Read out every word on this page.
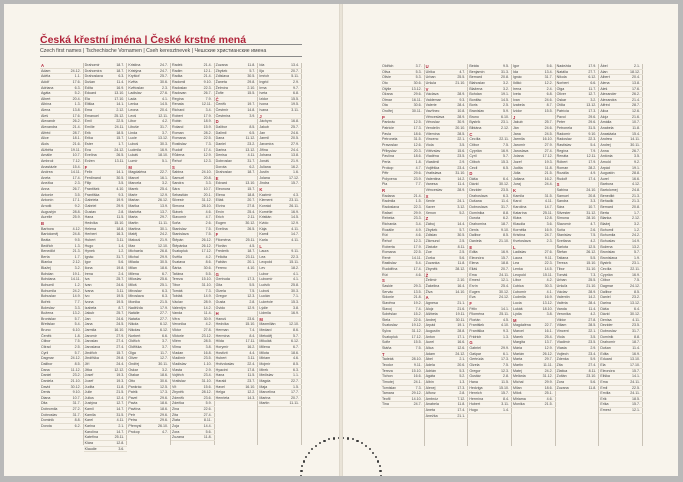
Česká křestní jména | České krstné mená
Czech first names | Tschechische Vornamen | Cseh keresztnevek | Чешские христианские имена
A
Adam	24.12.
Adéla	1.1.
Adolf	17.6.
Adriana	6.3.
Agáta	5.2.
Albert	20.4.
Albína	1.3.
Alena	13.8.
Aleš	17.6.
Alexandr	26.2.
Alexandra	21.4.
Alfréd	28.7.
Alice	18.1.
Alois	21.6.
Alžběta	19.11.
Amálie	10.7.
Ambrož	7.12.
Anastázie	15.4.
Andrea	14.11.
Aneta	17.4.
Anežka	2.3.
Anna	26.7.
Antonie	3.5.
Antonín	17.1.
Arnošt	9.2.
Augustýn	28.8.
Aurelie	25.9.
B
Barbora	4.12.
Bartoloměj	24.8.
Beáta	9.5.
Bedřich	1.3.
Benedikt	21.3.
Berta	1.7.
Blanka	2.12.
Blažej	3.2.
Bohdan	19.1.
Bohdana	14.11.
Bohumil	1.2.
Bohumila	24.2.
Bohuslav	14.9.
Bořek	7.7.
Boleslav	3.3.
Božena	13.2.
Bronislav	5.7.
Břetislav	5.4.
Bruno	6.10.
Čeněk	1.8.
Ctibor	7.5.
Ctirad	2.5.
Cyril	5.7.
Dagmar	24.12.
Dalibor	8.5.
Dana	11.12.
Daniel	23.2.
Daniela	21.10.
David	30.12.
Denis	9.10.
Diana	10.7.
Dita	31.7.
Dobromila	27.2.
Dobroslav	31.7.
Dominik	8.8.
Dorota	6.2.
Drahomír	18.7.
Drahomíra	18.7.
Drahoslava	6.3.
Dušan	11.4.
Edita	16.9.
Eduard	13.10.
Ela	17.10.
Eliška	14.1.
Ema	2.12.
Emanuel	25.12.
Emil	22.5.
Emílie	24.11.
Erik	18.5.
Erika	15.7.
Ester	1.7.
Eva	24.12.
Evelína	26.5.
Evžen	13.11.
F
Felix	14.1.
Ferdinand	30.5.
Filip	3.5.
František	4.10.
Františka	9.3.
Gabriela	19.9.
Gabriel	29.9.
Gustav	2.8.
Hana	11.5.
Hedvika	15.10.
Helena	18.8.
Herbert	16.3.
Hubert	3.11.
Hugo	1.4.
Hynek	1.2.
Ignác	31.7.
Igor	5.6.
Ilona	19.8.
Irena	2.4.
Iva	25.7.
Ivan	24.6.
Ivana	3.11.
Ivo	19.5.
Ivona	19.5.
Izabela	8.7.
Jakub	25.7.
Jan	24.6.
Jana	24.5.
Jarmila	16.10.
Jaromír	27.9.
Jaroslav	27.4.
Jaroslava	27.4.
Jindřich	15.7.
Jindřiška	29.8.
Jiří	24.4.
Jitka	12.12.
Josef	19.3.
Jozef	19.3.
Judita	11.8.
Julie	21.5.
Julius	12.4.
Justýna	12.7.
Kamil	14.7.
Kamila	31.5.
Karel	4.11.
Karina	2.1.
Karolína	14.7.
Kateřina	25.11.
Klára	12.8.
Klaudie	3.6.
Kristina	24.7.
Kristýna	24.7.
Kryštof	25.7.
Květa	30.6.
Květoslav	2.3.
Ladislav	27.6.
Lada	4.1.
Lenka	14.5.
Leona	20.4.
Leoš	12.11.
Libor	4.2.
Libuše	31.7.
Linda	3.7.
Lucie	13.12.
Luboš	30.3.
Ludmila	16.9.
Lukáš	18.10.
Lumír	5.1.
M
Magdaléna	22.7.
Marcel	16.1.
Marcela	3.2.
Marek	25.4.
Marie	12.9.
Marian	26.12.
Marika	13.9.
Markéta	13.7.
Marta	29.7.
Martin	11.11.
Martina	30.1.
Matěj	24.2.
Matouš	21.9.
Max	12.10.
Michaela	26.8.
Michal	29.9.
Milada	30.5.
Milan	18.6.
Milena	6.7.
Miloslav	25.6.
Miloš	25.1.
Miroslav	6.3.
Miroslava	6.3.
Monika	21.5.
Naděžda	17.9.
Natálie	27.7.
Nataša	27.7.
Nikola	6.12.
Nikolas	6.12.
Norbert	6.6.
Oldřich	3.7.
Oldřiška	3.7.
Olga	11.7.
Oliver	12.7.
Ondřej	30.11.
Oskar	3.2.
Otakar	18.6.
Otto	30.6.
Pankrác	12.5.
Patrik	17.3.
Pavel	29.6.
Pavla	18.6.
Pavlína	18.6.
Petr	29.6.
Petra	29.6.
Přemysl	26.10.
Prokop	4.7.
Radek	21.4.
Radim	12.1.
Radka	21.4.
Radomil	9.10.
Radoslav	22.3.
Radovan	26.7.
Regína	7.9.
Renata	12.11.
Richard	3.4.
Robert	17.9.
Robin	18.9.
Roland	15.9.
Roman	28.2.
Romana	22.5.
Rostislav	7.3.
Rudolf	17.4.
Růžena	12.9.
Řehoř	12.3.
S
Sabina	24.10.
Samuel	20.8.
Sandra	3.3.
Sára	10.7.
Sebastián	20.1.
Silvestr	31.12.
Simona	28.10.
Slávek	4.6.
Slavomír	4.7.
Soňa	2.6.
Stanislav	7.5.
Stanislava	7.5.
Štěpán	26.12.
Štěpánka	26.12.
Svatopluk	17.12.
Světla	4.2.
Svatava	8.6.
Šárka	30.6.
Taťána	5.5.
Tereza	15.10.
Tibor	31.10.
Tomáš	7.3.
Tobiáš	14.9.
Václav	28.9.
Valentýn	14.2.
Vanda	11.4.
Věra	30.9.
Veronika	4.2.
Viktor	27.8.
Viktorie	23.12.
Vilém	28.5.
Vilma	3.8.
Vladan	16.8.
Vladimír	23.5.
Vladislav	1.10.
Vlasta	2.9.
Vojtěch	23.4.
Vratislav	31.10.
Vít	15.6.
Zbyněk	28.12.
Zdeněk	23.6.
Zdeňka	5.9.
Zina	22.6.
Zita	27.4.
Zlata	8.11.
Zoja	14.4.
Zora	5.6.
Zuzana	11.8.
Zuzana	11.8.
Zbyšek	5.7.
Zdislava	30.5.
Žaneta	29.8.
Želmíra	2.10.
Žofie	15.5.
Č
Čeněk	19.7.
Čestmír	14.8.
Čestmíra	3.9.
D
Dalibor	8.5.
Dalimil	6.5.
Dana	11.12.
Daniel	23.2.
Darina	13.12.
Denisa	4.11.
Dobroslav	31.7.
Dorota	6.2.
Drahoslav	18.7.
E
Edvard	13.10.
Eleonora	15.7.
Elena	18.8.
Eliáš	20.7.
Elvíra	27.8.
Ervín	25.4.
Erich	2.11.
Eugen	30.12.
Evelína	26.5.
F
Filoména	25.11.
Florián	4.5.
Frederik	18.7.
Felicita	23.11.
Fabián	20.1.
Ferenc	4.10.
G
Gertruda	17.3.
Gita	5.5.
Gizela	7.5.
Gregor	12.3.
Gusta	2.8.
Gvido	12.9.
H
Hanuš	23.6.
Hedvika	15.10.
Herman	7.4.
Hermína	8.4.
Hilda	17.11.
Horymír	16.2.
Hostivít	4.4.
Hubert	3.11.
Hvězdoslav	22.4.
Hyacint	17.8.
Hana	11.5.
Harald	23.7.
Havel	16.10.
Helga	12.2.
Henrieta	14.3.
Ida	13.4.
Ilja	20.7.
Imrich	5.11.
Ingrid	2.9.
Irma	9.7.
Iveta	6.8.
Izidor	15.5.
Ivona	19.5.
Ivana	3.11.
J
Jáchym	16.8.
Jakub	25.7.
Jan	24.6.
Jarmil	20.5.
Jaromíra	27.9.
Jiřina	24.4.
Johana	13.8.
Jonáš	21.9.
Juliana	16.2.
Justin	1.6.
Jolana	17.12.
Jindra	15.7.
K
Kazimír	4.3.
Klement	23.11.
Konrád	26.11.
Kornélie	16.9.
Kristián	14.5.
Kvido	12.9.
Kája	4.11.
Kamil	14.7.
Karla	4.11.
L
Laura	9.11.
Lea	22.3.
Leopold	15.11.
Lev	18.2.
Lubor	4.1.
Lubomír	4.1.
Ludvík	25.8.
Luboš	30.3.
Lucián	7.1.
Lukrécie	15.3.
Lýdie	3.8.
Lidmila	16.9.
M
Maxmilián	12.10.
Medard	8.6.
Metoděj	5.7.
Mikuláš	6.12.
Milena	6.7.
Milota	18.6.
Miriam	4.6.
Mojmír	8.5.
Mirek	6.3.
Mečislav	1.1.
Magda	22.7.
Maja	1.5.
Marcelína	17.7.
Marina	20.7.
Martin	11.11.
Oldřich	3.7.
Oliva	5.3.
Olivie	5.3.
Oto	30.6.
Otýlie	13.12.
Ožana	29.6.
Otmar	16.11.
Ota	30.6.
Ondřej	30.11.
P
Pankrác	12.5.
Patricie	17.3.
Pavla	18.6.
Petronela	31.5.
Pravoslav	12.6.
Přibyslav	20.3.
Pavlína	18.6.
Perla	1.8.
Prokop	4.7.
Pětr	29.6.
Polyxena	23.9.
Pia	7.7.
R
Radana	21.4.
Radmila	1.5.
Radoslava	22.3.
Rafael	29.9.
Rebeka	23.3.
Richarda	3.4.
Rozálie	4.9.
Rút	4.6.
Řehoř	12.3.
Roberta	17.9.
Romana	22.5.
René	14.11.
Rastislav	5.4.
Rudolfína	17.4.
Rút	4.6.
S
Saskie	29.3.
Servác	13.5.
Sidonie	21.8.
Slavěna	19.2.
Slavoj	7.4.
Soběslav	15.2.
Stela	22.6.
Svatoslav	19.12.
Sylva	31.12.
Svatopluk	17.12.
Sofie	15.5.
Stáňa	7.5.
T
Tadeáš	28.10.
Teodor	9.11.
Tereza	15.10.
Tichon	16.6.
Timotej	24.1.
Tomislav	7.3.
Tamara	29.12.
Teofil	14.10.
Tina	24.7.
U
Ulrika	4.7.
Urban	25.5.
Uršula	21.10.
V
Václava	28.9.
Valdemar	9.3.
Valerie	28.4.
Vavřinec	10.8.
Věnceslava	28.9.
Věroslav	30.9.
Vendelín	20.10.
Vilemína	28.5.
Vincenc	22.1.
Viola	3.5.
Vítězslav	15.6.
Vladěna	23.5.
Vlastimil	2.9.
Vojtěška	23.4.
Vratislava	31.10.
Valentina	14.2.
Vanesa	11.4.
Věnceslav	28.9.
X
Xenie	24.1.
Xaver	3.12.
Xenon	5.2.
Z
Záboj	14.4.
Zbyšek	5.7.
Zdislav	30.5.
Zikmund	2.5.
Zlatuše	8.11.
Zoe	2.5.
Zorka	5.6.
Zuzanka	11.8.
Zbyněk	28.12.
Ž
Želimír	2.10.
Žakelina	16.4.
Živa	14.10.
A
Agnesa	21.1.
Alojz	21.6.
Alžbeta	19.11.
Andrej	30.11.
Arpád	19.1.
Augustín	28.8.
Anton	17.1.
Aurel	16.6.
Alica	12.6.
Adam	24.12.
Ábel	2.1.
Adela	20.6.
Adrián	5.3.
Agáta	5.2.
Albín	1.3.
Alexej	17.3.
Alfonz	2.8.
Ambróz	7.12.
Anabela	11.8.
Aneta	17.4.
Anežka	21.1.
Beáta	9.5.
Benjamín	31.3.
Bernard	20.8.
Blahoslav	3.2.
Blažena	3.2.
Bohdan	19.1.
Bonifác	14.5.
Boris	2.5.
Branislav	5.9.
Bruno	6.10.
Bystrík	23.1.
Bibiána	2.12.
C
Cecília	22.11.
Ctibor	7.5.
Cyprián	16.9.
Cyril	5.7.
Ctiboh	15.3.
Cecil	6.5.
D
Dáša	6.4.
Dávid	30.12.
Dezider	23.5.
Drahoslava	6.3.
Dušana	11.4.
Dobroslava	31.7.
Dominika	8.8.
Dorota	6.2.
Drahomíra	18.7.
Denis	9.10.
Dalibor	8.5.
Daniela	21.10.
E
Edita	16.9.
Eleonóra	15.7.
Elena	18.8.
Eliáš	20.7.
Ema	24.11.
Ernest	12.1.
Ervín	25.4.
Eugen	30.12.
Eva	24.12.
F
Félix	14.1.
Filoména	25.11.
Florián	4.5.
František	4.10.
Františka	9.3.
Fridrich	1.3.
G
Gabriel	29.9.
Gašpar	6.1.
Gertrúda	17.3.
Gizela	7.5.
Gregor	12.3.
Gustáv	2.8.
Hana	11.5.
Hedviga	15.10.
Henrich	15.7.
Hermína	8.4.
Hubert	3.11.
Hugo	1.4.
Igor	5.6.
Ida	13.4.
Ignác	31.7.
Ildikó	12.2.
Irena	2.4.
Iveta	6.8.
Ivan	24.6.
Izabela	8.7.
Izidor	15.5.
J
Jakub	25.7.
Ján	24.6.
Jana	24.5.
Jarmila	16.10.
Jaromír	27.9.
Jaroslava	27.4.
Jolana	17.12.
Jozef	19.3.
Judita	11.8.
Júlia	21.5.
Juliana	16.2.
Juraj	24.4.
K
Kamila	31.5.
Karol	4.11.
Karolína	14.7.
Katarína	25.11.
Klára	12.8.
Klaudia	3.6.
Kornélia	16.9.
Kristína	24.7.
Kvetoslava	2.3.
L
Ladislav	27.6.
Laura	9.11.
Lea	22.3.
Lenka	14.5.
Leopold	15.11.
Libor	4.2.
Ľubica	30.3.
Ľubomír	4.1.
Ľudmila	16.9.
Lucia	13.12.
Lukáš	18.10.
Lýdia	3.8.
M
Magdaléna	22.7.
Marcel	16.1.
Marek	25.4.
Margita	13.7.
Mária	12.9.
Marián	26.12.
Marta	29.7.
Martin	11.11.
Matej	24.2.
Melánia	31.12.
Michal	29.9.
Milan	18.6.
Miloš	25.1.
Miriama	4.6.
Monika	21.5.
Nadežda	17.9.
Natália	27.7.
Nikola	6.12.
Norbert	6.6.
Olga	11.7.
Oliver	12.7.
Oskar	3.2.
Otília	13.12.
Patrícia	17.3.
Pavol	29.6.
Peter	29.6.
Petronela	31.5.
Radomír	9.10.
Radoslav	22.3.
Rastislav	5.4.
Regína	7.9.
Renáta	12.11.
Róbert	17.9.
Roman	28.2.
Rozália	4.9.
Rudolf	17.4.
S
Sabína	24.10.
Samuel	20.8.
Sandra	3.3.
Sára	10.7.
Silvester	31.12.
Simona	28.10.
Slavomír	4.7.
Soňa	2.6.
Stanislav	7.5.
Svetlana	4.2.
Šarlota	12.5.
Štefan	26.12.
Tatiana	5.5.
Tereza	15.10.
Tibor	31.10.
Tomáš	7.3.
Urban	25.5.
Uršuľa	21.10.
Václav	28.9.
Valentín	14.2.
Valéria	28.4.
Vanda	11.4.
Veronika	4.2.
Viktor	27.8.
Viliam	28.5.
Vincent	22.1.
Viola	3.5.
Vladimír	23.5.
Vlasta	2.9.
Vojtech	23.4.
Zdenka	5.9.
Zita	27.4.
Zlatica	8.11.
Zoltán	23.10.
Zora	5.6.
Zuzana	11.8.
Ábel	2.1.
Alan	18.12.
Albert	20.4.
Alena	13.8.
Aleš	17.6.
Alexander	26.2.
Alexandra	21.4.
Alfréd	28.7.
Alica	12.6.
Alojz	21.6.
Amália	10.7.
Anabela	11.8.
Anastázia	15.4.
Andrea	14.11.
Andrej	30.11.
Anna	26.7.
Antónia	3.5.
Arnold	9.2.
Arpád	19.1.
Augustín	28.8.
Aurel	16.6.
Barbora	4.12.
Bartolomej	24.8.
Benedikt	21.3.
Beňadik	21.3.
Bernard	20.8.
Berta	1.7.
Blanka	2.12.
Blažej	3.2.
Bohumil	1.2.
Bohumila	24.2.
Bohuslav	14.9.
Božena	13.2.
Bronislav	5.7.
Bronislava	1.9.
Bystrík	23.1.
Cecília	22.11.
Cyprián	16.9.
Ctibor	7.5.
Dagmar	24.12.
Dalibor	8.5.
Daniel	23.2.
Darina	13.12.
Dáša	6.4.
Dávid	30.12.
Denisa	4.11.
Dezider	23.5.
Dobroslav	31.7.
Dominik	8.8.
Drahomír	18.7.
Dušan	11.4.
Edita	16.9.
Eduard	13.10.
Ela	17.10.
Eleonóra	15.7.
Eliška	14.1.
Ema	24.11.
Emil	22.5.
Emília	24.11.
Erik	18.5.
Erika	15.7.
Ernest	12.1.
